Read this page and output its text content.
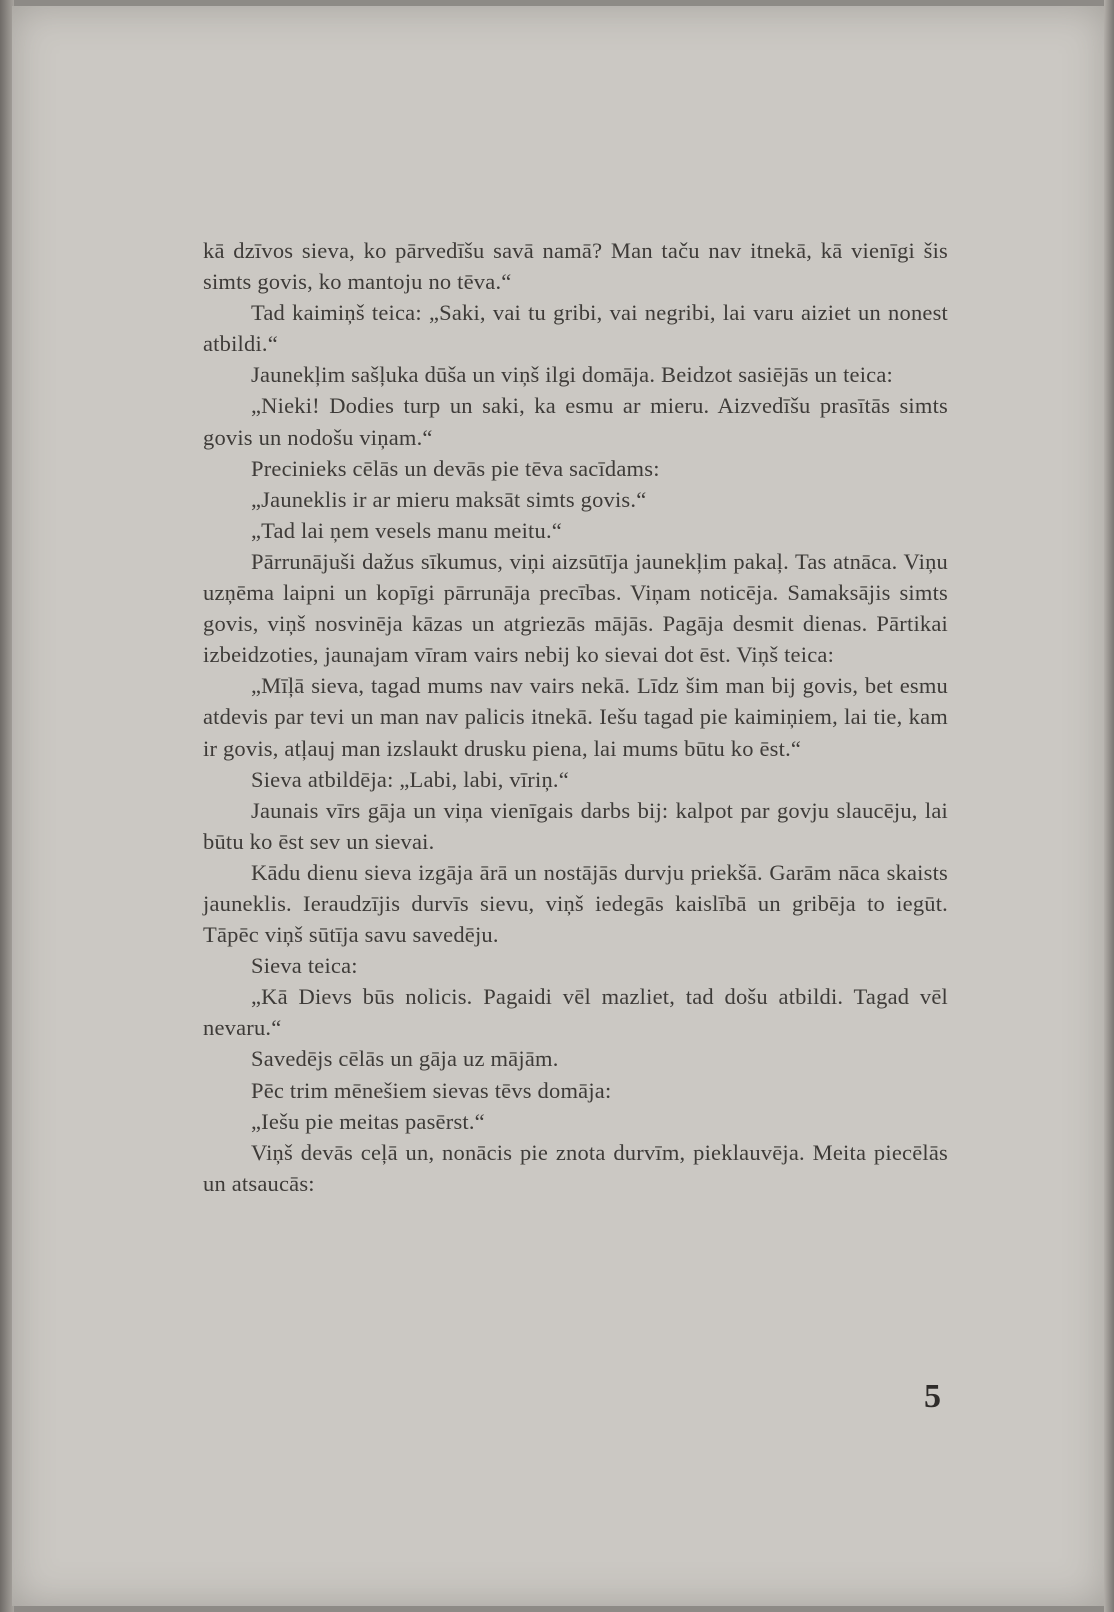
kā dzīvos sieva, ko pārvedīšu savā namā? Man taču nav itnekā, kā vienīgi šis simts govis, ko mantoju no tēva.“

Tad kaimiņš teica: „Saki, vai tu gribi, vai negribi, lai varu aiziet un nonest atbildi.“

Jaunekļim sašļuka dūša un viņš ilgi domāja. Beidzot sasiējās un teica:

„Nieki! Dodies turp un saki, ka esmu ar mieru. Aizvedīšu prasītās simts govis un nodošu viņam.“

Precinieks cēlās un devās pie tēva sacīdams:

„Jauneklis ir ar mieru maksāt simts govis.“

„Tad lai ņem vesels manu meitu.“

Pārrunājuši dažus sīkumus, viņi aizsūtīja jaunekļim pakaļ. Tas atnāca. Viņu uzņēma laipni un kopīgi pārrunāja precības. Viņam noticēja. Samaksājis simts govis, viņš nosvinēja kāzas un atgriezās mājās. Pagāja desmit dienas. Pārtikai izbeidzoties, jaunajam vīram vairs nebij ko sievai dot ēst. Viņš teica:

„Mīļā sieva, tagad mums nav vairs nekā. Līdz šim man bij govis, bet esmu atdevis par tevi un man nav palicis itnekā. Iešu tagad pie kaimiņiem, lai tie, kam ir govis, atļauj man izslaukt drusku piena, lai mums būtu ko ēst.“

Sieva atbildēja: „Labi, labi, vīriņ.“

Jaunais vīrs gāja un viņa vienīgais darbs bij: kalpot par govju slaucēju, lai būtu ko ēst sev un sievai.

Kādu dienu sieva izgāja ārā un nostājās durvju priekšā. Garām nāca skaists jauneklis. Ieraudzījis durvīs sievu, viņš iedegās kaislībā un gribēja to iegūt. Tāpēc viņš sūtīja savu savedēju.

Sieva teica:

„Kā Dievs būs nolicis. Pagaidi vēl mazliet, tad došu atbildi. Tagad vēl nevaru.“

Savedējs cēlās un gāja uz mājām.

Pēc trim mēnešiem sievas tēvs domāja:

„Iešu pie meitas pasērst.“

Viņš devās ceļā un, nonācis pie znota durvīm, pieklauvēja. Meita piecēlās un atsaucās:

5
